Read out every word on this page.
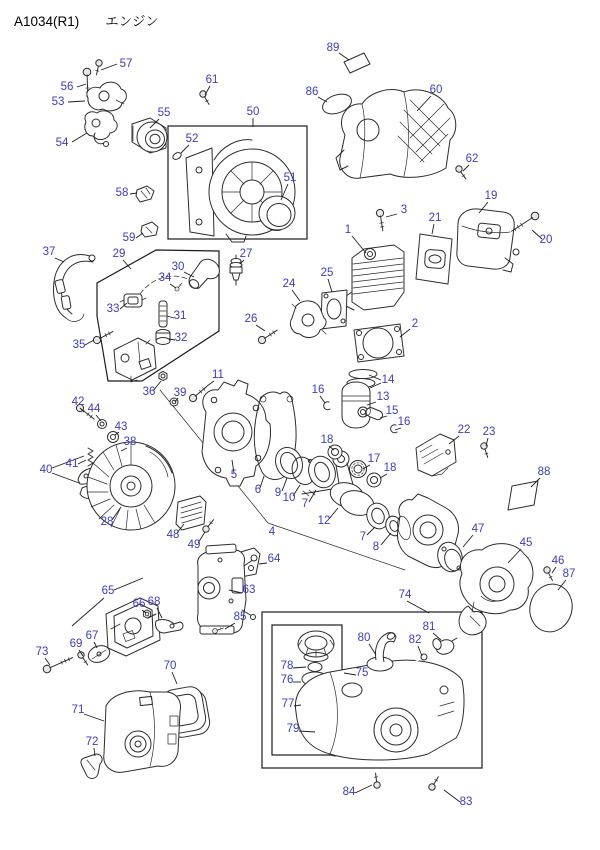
A1034(R1) エンジン
57
56
53
54
55
61
50
52
51
58
59
89
86	60
62
3
1
21
19
20
25
24
26	2
27
37	29
30
34
33
31
32
35
36 39
11
42
44
43
38
40 41
28
48
49
14
13
16
15
16
18
17
18
12
10
9
7
6
5
4	7
8
22 23
88
47
45
46
87
64
63
85
65
66 68
67
69
73
70
71
72
74
75
78
76
77
79
80	82
81
84
83
